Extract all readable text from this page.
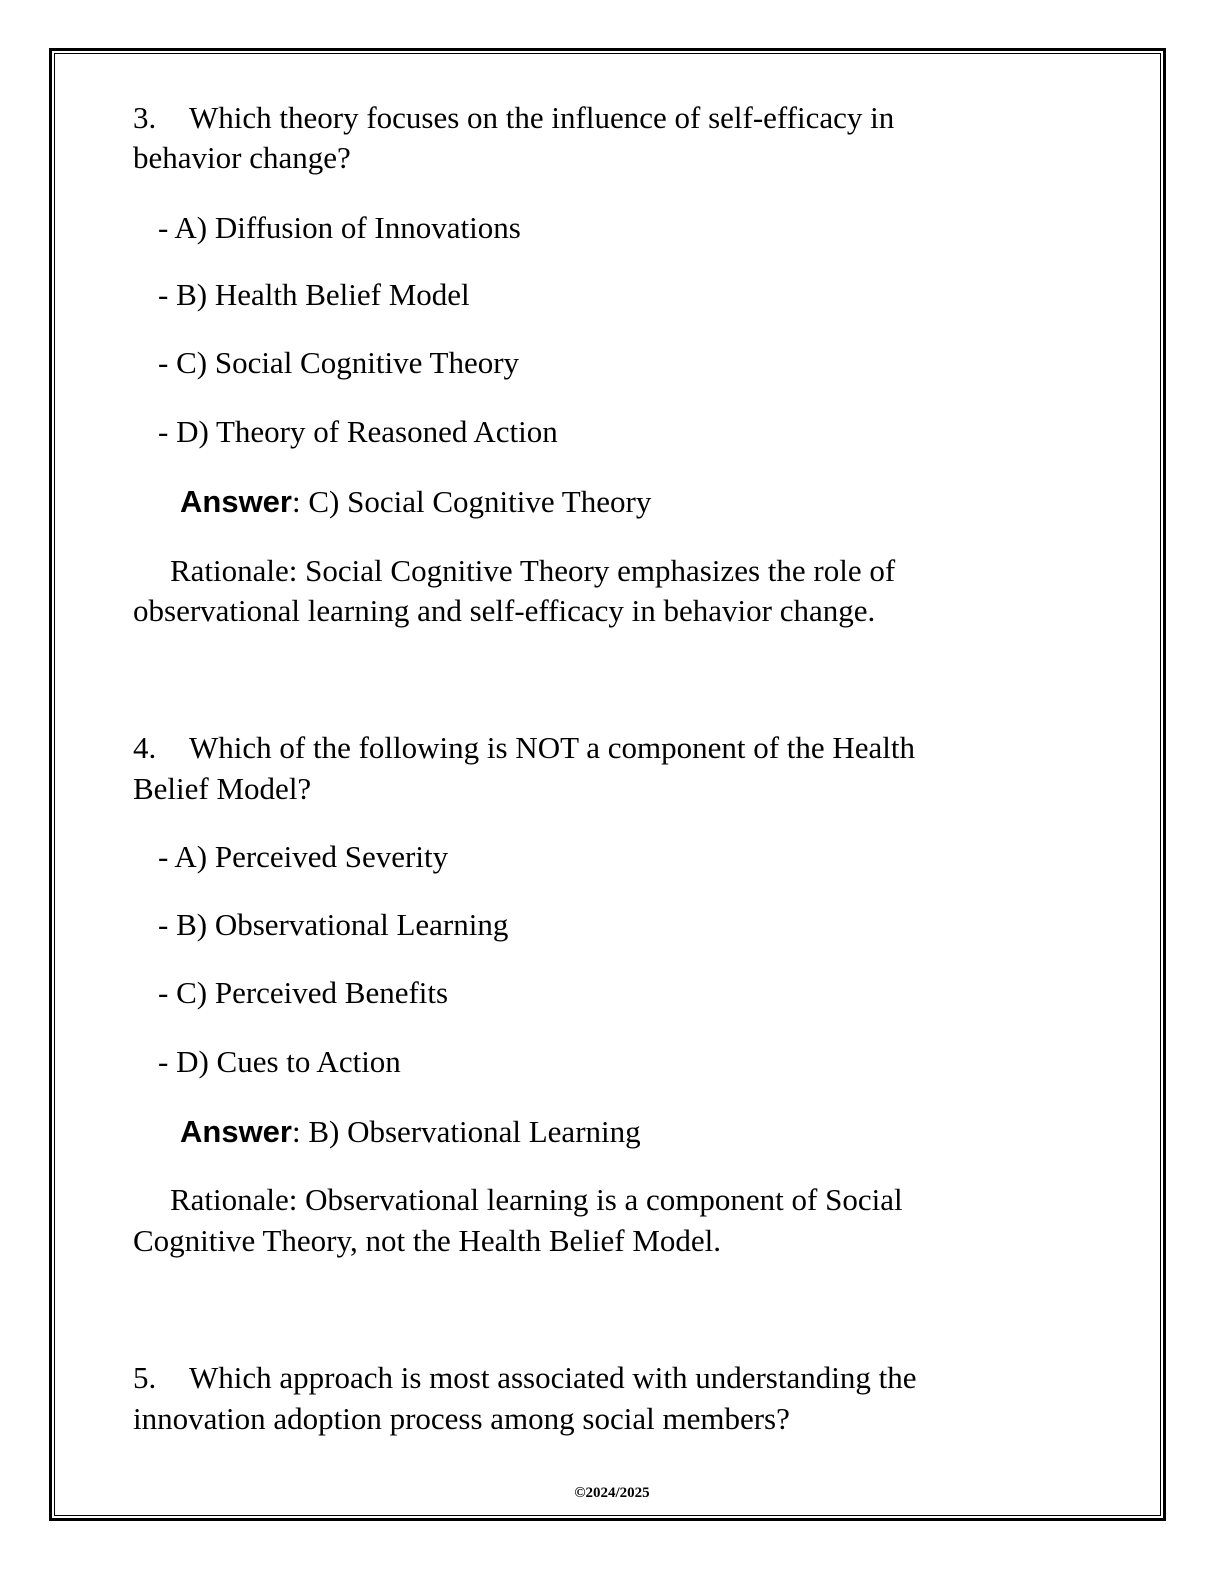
3. Which theory focuses on the influence of self-efficacy in
behavior change?
- A) Diffusion of Innovations
- B) Health Belief Model
- C) Social Cognitive Theory
- D) Theory of Reasoned Action
Answer: C) Social Cognitive Theory
Rationale: Social Cognitive Theory emphasizes the role of
observational learning and self-efficacy in behavior change.
4. Which of the following is NOT a component of the Health
Belief Model?
- A) Perceived Severity
- B) Observational Learning
- C) Perceived Benefits
- D) Cues to Action
Answer: B) Observational Learning
Rationale: Observational learning is a component of Social
Cognitive Theory, not the Health Belief Model.
5. Which approach is most associated with understanding the
innovation adoption process among social members?
©2024/2025
